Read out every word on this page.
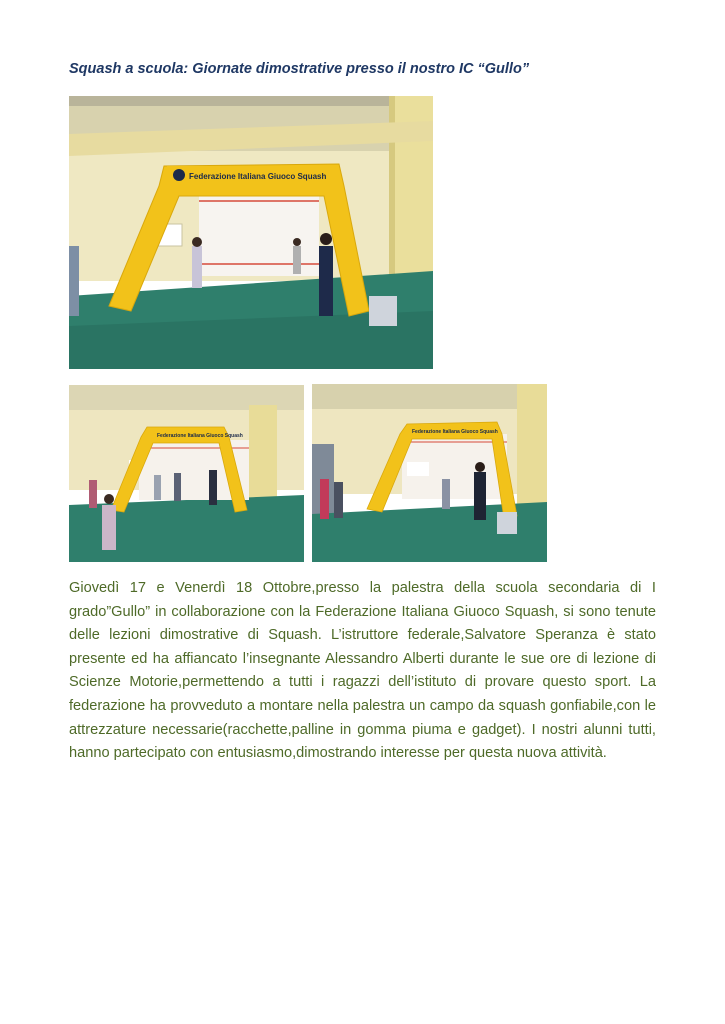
Squash a scuola: Giornate dimostrative presso il nostro IC “Gullo”
Federazione Italiana Giuoco Squash
Federazione Italiana Giuoco Squash
Federazione Italiana Giuoco Squash

Giovedì 17 e Venerdì 18 Ottobre,presso la palestra della scuola secondaria di I grado”Gullo” in collaborazione con la Federazione Italiana Giuoco Squash, si sono tenute delle lezioni dimostrative di Squash. L’istruttore federale,Salvatore Speranza è stato presente ed ha affiancato l’insegnante Alessandro Alberti durante le sue ore di lezione di Scienze Motorie,permettendo a tutti i ragazzi dell’istituto di provare questo sport. La federazione ha provveduto a montare nella palestra un campo da squash gonfiabile,con le attrezzature necessarie(racchette,palline in gomma piuma e gadget). I nostri alunni tutti, hanno partecipato con entusiasmo,dimostrando interesse per questa nuova attività.
